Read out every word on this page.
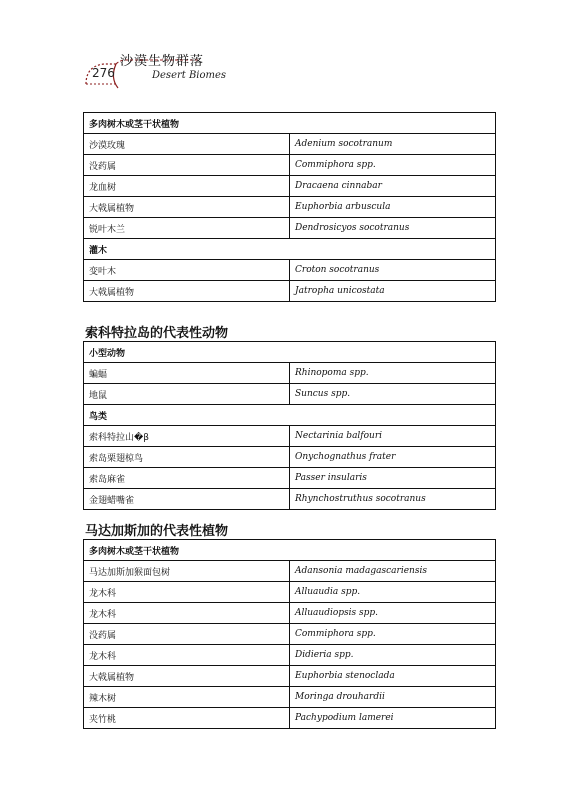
276
沙漠生物群落
Desert Biomes
多肉树木或茎干状植物	
沙漠玫瑰	Adenium socotranum
没药属	Commiphora spp.
龙血树	Dracaena cinnabar
大戟属植物	Euphorbia arbuscula
锐叶木兰	Dendrosicyos socotranus
灌木	
变叶木	Croton socotranus
大戟属植物	Jatropha unicostata
索科特拉岛的代表性动物
小型动物	
蝙蝠	Rhinopoma spp.
地鼠	Suncus spp.
鸟类	
索科特拉山�β	Nectarinia balfouri
索岛栗翅椋鸟	Onychognathus frater
索岛麻雀	Passer insularis
金翅蜡嘴雀	Rhynchostruthus socotranus
马达加斯加的代表性植物
多肉树木或茎干状植物	
马达加斯加猴面包树	Adansonia madagascariensis
龙木科	Alluaudia spp.
龙木科	Alluaudiopsis spp.
没药属	Commiphora spp.
龙木科	Didieria spp.
大戟属植物	Euphorbia stenoclada
辣木树	Moringa drouhardii
夹竹桃	Pachypodium lamerei
